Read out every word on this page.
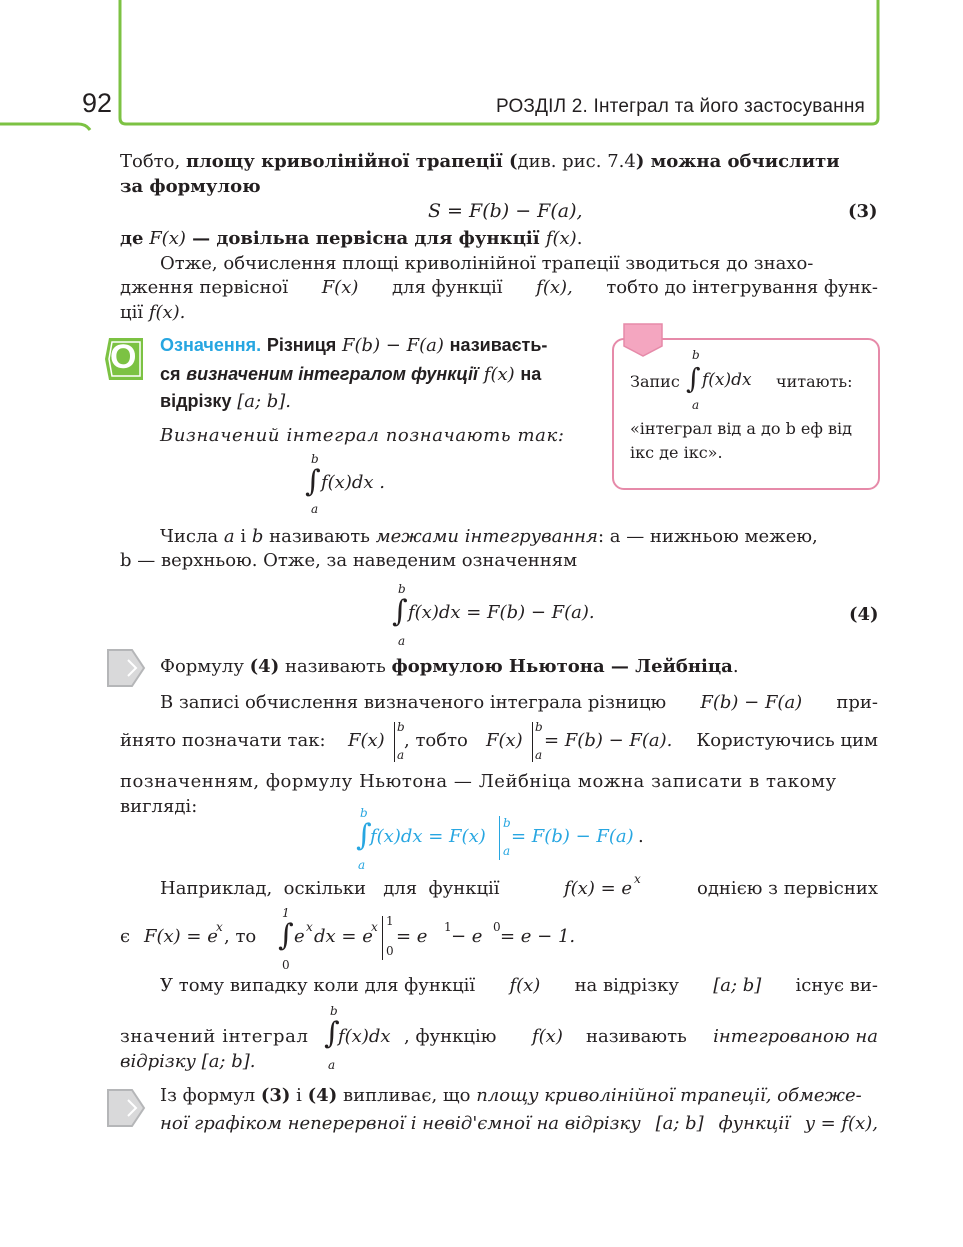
92	РОЗДІЛ 2. Інтеграл та його застосування
Тобто, площу криволінійної трапеції (див. рис. 7.4) можна обчислити
за формулою
S = F(b) − F(a),	(3)
де F(x) — довільна первісна для функції f(x).
Отже, обчислення площі криволінійної трапеції зводиться до знахо-
дження первісної F(x) для функції f(x), тобто до інтегрування функ-
ції f(x).
О Означення. Різниця F(b) − F(a) називаєть-
ся визначеним інтегралом функції f(x) на
відрізку [a; b].
Визначений інтеграл позначають так:
b
∫ f(x)dx .
a
Запис
b
∫ f(x)dx читають:
a
«інтеграл від a до b еф від
ікс де ікс».
Числа a і b називають межами інтегрування: a — нижньою межею,
b — верхньою. Отже, за наведеним означенням
b
∫ f(x)dx = F(b) − F(a).
a
(4)
Формулу (4) називають формулою Ньютона — Лейбніца.
В записі обчислення визначеного інтеграла різницю F(b) − F(a) при-
йнято позначати так: F(x)
b
a
, тобто F(x)
b
a
= F(b) − F(a). Користуючись цим
позначенням, формулу Ньютона — Лейбніца можна записати в такому
вигляді:	b
∫
f(x)dx = F(x)
b
a
= F(b) − F(a) .
a
Наприклад, оскільки для функції	f(x) = e x	однією з первісних
є F(x) = e
x , то
1
∫ e x dx = e
x 1
0
= e 1 − e 0 = e − 1.
0
У тому випадку коли для функції f(x) на відрізку [a; b] існує ви-
значений інтеграл
b
∫
f(x)dx , функцію f(x) називають інтегрованою на
a
відрізку [a; b].
Із формул (3) і (4) випливає, що площу криволінійної трапеції, обмеже-
ної графіком неперервної і невід'ємної на відрізку [a; b] функції y = f(x),
